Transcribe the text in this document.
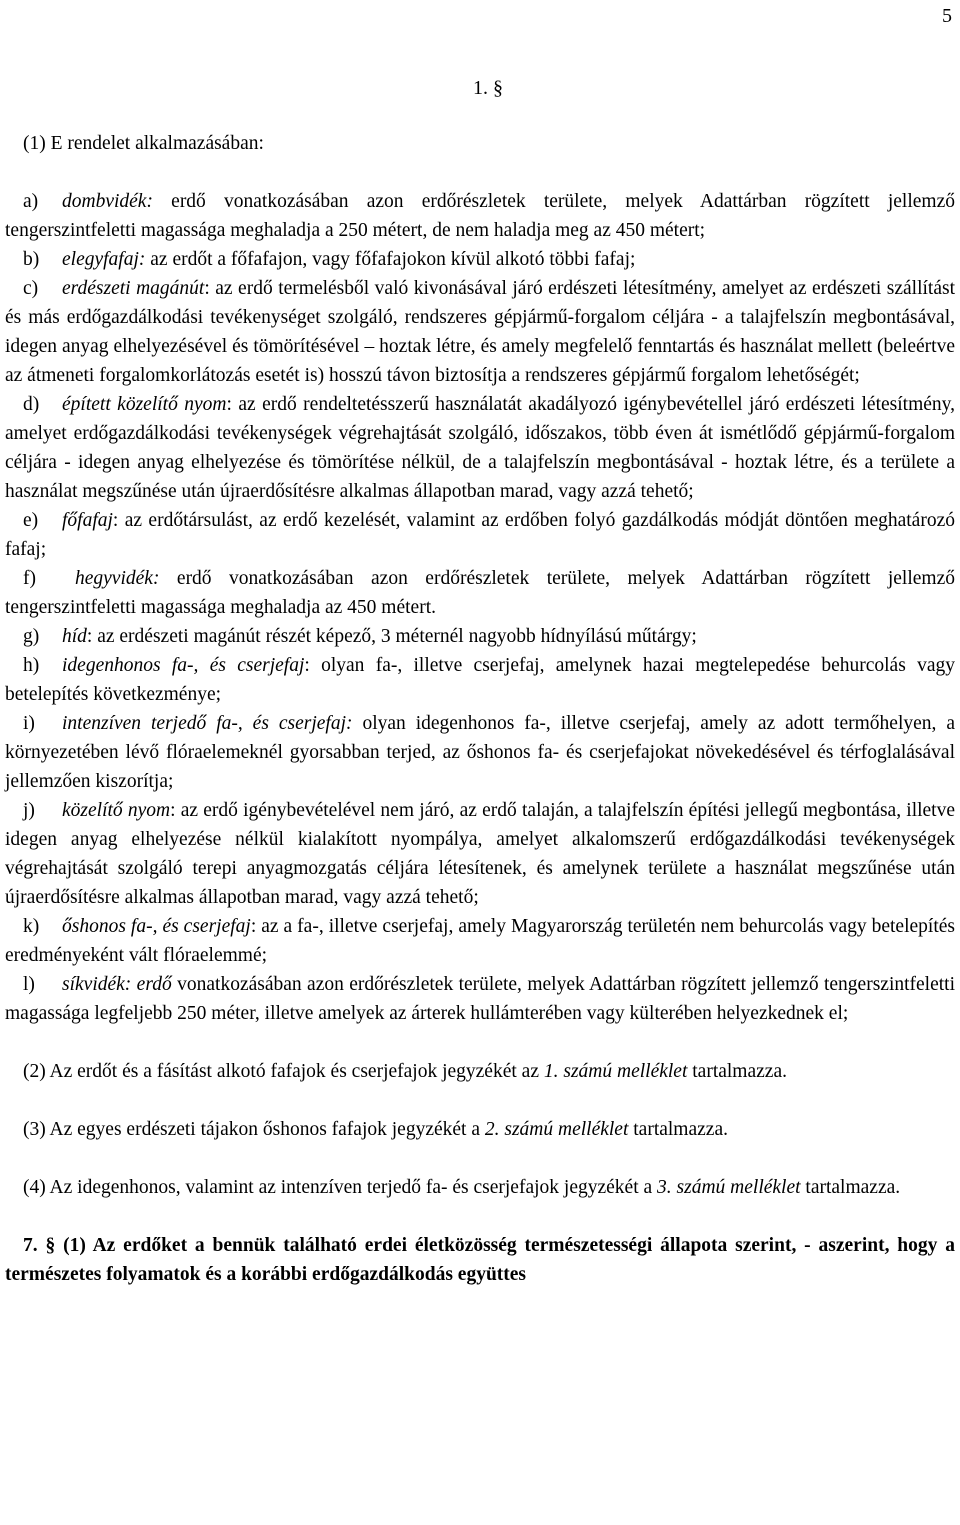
5
1. §

(1) E rendelet alkalmazásában:

a) dombvidék: erdő vonatkozásában azon erdőrészletek területe, melyek Adattárban rögzített jellemző tengerszintfeletti magassága meghaladja a 250 métert, de nem haladja meg az 450 métert;

b) elegyfafaj: az erdőt a főfafajon, vagy főfafajokon kívül alkotó többi fafaj;

c) erdészeti magánút: az erdő termelésből való kivonásával járó erdészeti létesítmény, amelyet az erdészeti szállítást és más erdőgazdálkodási tevékenységet szolgáló, rendszeres gépjármű-forgalom céljára - a talajfelszín megbontásával, idegen anyag elhelyezésével és tömörítésével – hoztak létre, és amely megfelelő fenntartás és használat mellett (beleértve az átmeneti forgalomkorlátozás esetét is) hosszú távon biztosítja a rendszeres gépjármű forgalom lehetőségét;

d) épített közelítő nyom: az erdő rendeltetésszerű használatát akadályozó igénybevétellel járó erdészeti létesítmény, amelyet erdőgazdálkodási tevékenységek végrehajtását szolgáló, időszakos, több éven át ismétlődő gépjármű-forgalom céljára - idegen anyag elhelyezése és tömörítése nélkül, de a talajfelszín megbontásával - hoztak létre, és a területe a használat megszűnése után újraerdősítésre alkalmas állapotban marad, vagy azzá tehető;

e) főfafaj: az erdőtársulást, az erdő kezelését, valamint az erdőben folyó gazdálkodás módját döntően meghatározó fafaj;

f) hegyvidék: erdő vonatkozásában azon erdőrészletek területe, melyek Adattárban rögzített jellemző tengerszintfeletti magassága meghaladja az 450 métert.

g) híd: az erdészeti magánút részét képező, 3 méternél nagyobb hídnyílású műtárgy;

h) idegenhonos fa-, és cserjefaj: olyan fa-, illetve cserjefaj, amelynek hazai megtelepedése behurcolás vagy betelepítés következménye;

i) intenzíven terjedő fa-, és cserjefaj: olyan idegenhonos fa-, illetve cserjefaj, amely az adott termőhelyen, a környezetében lévő flóraelemeknél gyorsabban terjed, az őshonos fa- és cserjefajokat növekedésével és térfoglalásával jellemzően kiszorítja;

j) közelítő nyom: az erdő igénybevételével nem járó, az erdő talaján, a talajfelszín építési jellegű megbontása, illetve idegen anyag elhelyezése nélkül kialakított nyompálya, amelyet alkalomszerű erdőgazdálkodási tevékenységek végrehajtását szolgáló terepi anyagmozgatás céljára létesítenek, és amelynek területe a használat megszűnése után újraerdősítésre alkalmas állapotban marad, vagy azzá tehető;

k) őshonos fa-, és cserjefaj: az a fa-, illetve cserjefaj, amely Magyarország területén nem behurcolás vagy betelepítés eredményeként vált flóraelemmé;

l) síkvidék: erdő vonatkozásában azon erdőrészletek területe, melyek Adattárban rögzített jellemző tengerszintfeletti magassága legfeljebb 250 méter, illetve amelyek az árterek hullámterében vagy külterében helyezkednek el;

(2) Az erdőt és a fásítást alkotó fafajok és cserjefajok jegyzékét az 1. számú melléklet tartalmazza.

(3) Az egyes erdészeti tájakon őshonos fafajok jegyzékét a 2. számú melléklet tartalmazza.

(4) Az idegenhonos, valamint az intenzíven terjedő fa- és cserjefajok jegyzékét a 3. számú melléklet tartalmazza.

7. § (1) Az erdőket a bennük található erdei életközösség természetességi állapota szerint, - aszerint, hogy a természetes folyamatok és a korábbi erdőgazdálkodás együttes
